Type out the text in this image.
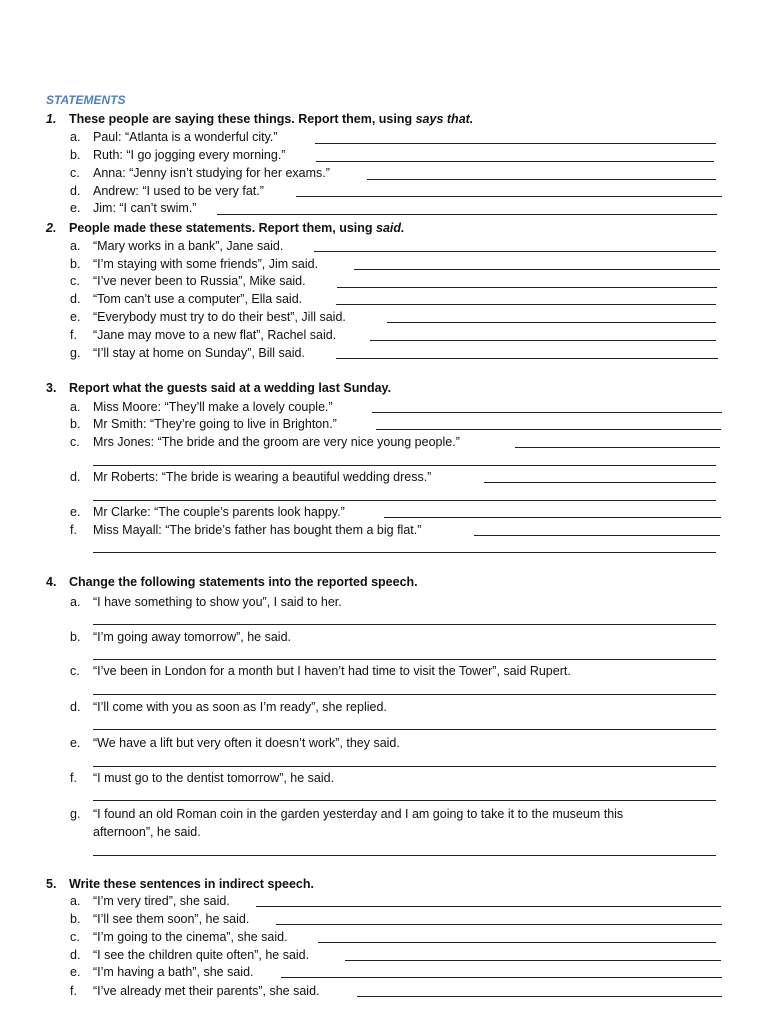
STATEMENTS
1. These people are saying these things. Report them, using says that.
a. Paul: “Atlanta is a wonderful city.”
b. Ruth: “I go jogging every morning.”
c. Anna: “Jenny isn’t studying for her exams.”
d. Andrew: “I used to be very fat.”
e. Jim: “I can’t swim.”
2. People made these statements. Report them, using said.
a. “Mary works in a bank”, Jane said.
b. “I’m staying with some friends”, Jim said.
c. “I’ve never been to Russia”, Mike said.
d. “Tom can’t use a computer”, Ella said.
e. “Everybody must try to do their best”, Jill said.
f. “Jane may move to a new flat”, Rachel said.
g. “I’ll stay at home on Sunday”, Bill said.
3. Report what the guests said at a wedding last Sunday.
a. Miss Moore: “They’ll make a lovely couple.”
b. Mr Smith: “They’re going to live in Brighton.”
c. Mrs Jones: “The bride and the groom are very nice young people.”
d. Mr Roberts: “The bride is wearing a beautiful wedding dress.”
e. Mr Clarke: “The couple’s parents look happy.”
f. Miss Mayall: “The bride’s father has bought them a big flat.”
4. Change the following statements into the reported speech.
a. “I have something to show you”, I said to her.
b. “I’m going away tomorrow”, he said.
c. “I’ve been in London for a month but I haven’t had time to visit the Tower”, said Rupert.
d. “I’ll come with you as soon as I’m ready”, she replied.
e. “We have a lift but very often it doesn’t work”, they said.
f. “I must go to the dentist tomorrow”, he said.
g. “I found an old Roman coin in the garden yesterday and I am going to take it to the museum this
afternoon”, he said.
5. Write these sentences in indirect speech.
a. “I’m very tired”, she said.
b. “I’ll see them soon”, he said.
c. “I’m going to the cinema”, she said.
d. “I see the children quite often”, he said.
e. “I’m having a bath”, she said.
f. “I’ve already met their parents”, she said.
